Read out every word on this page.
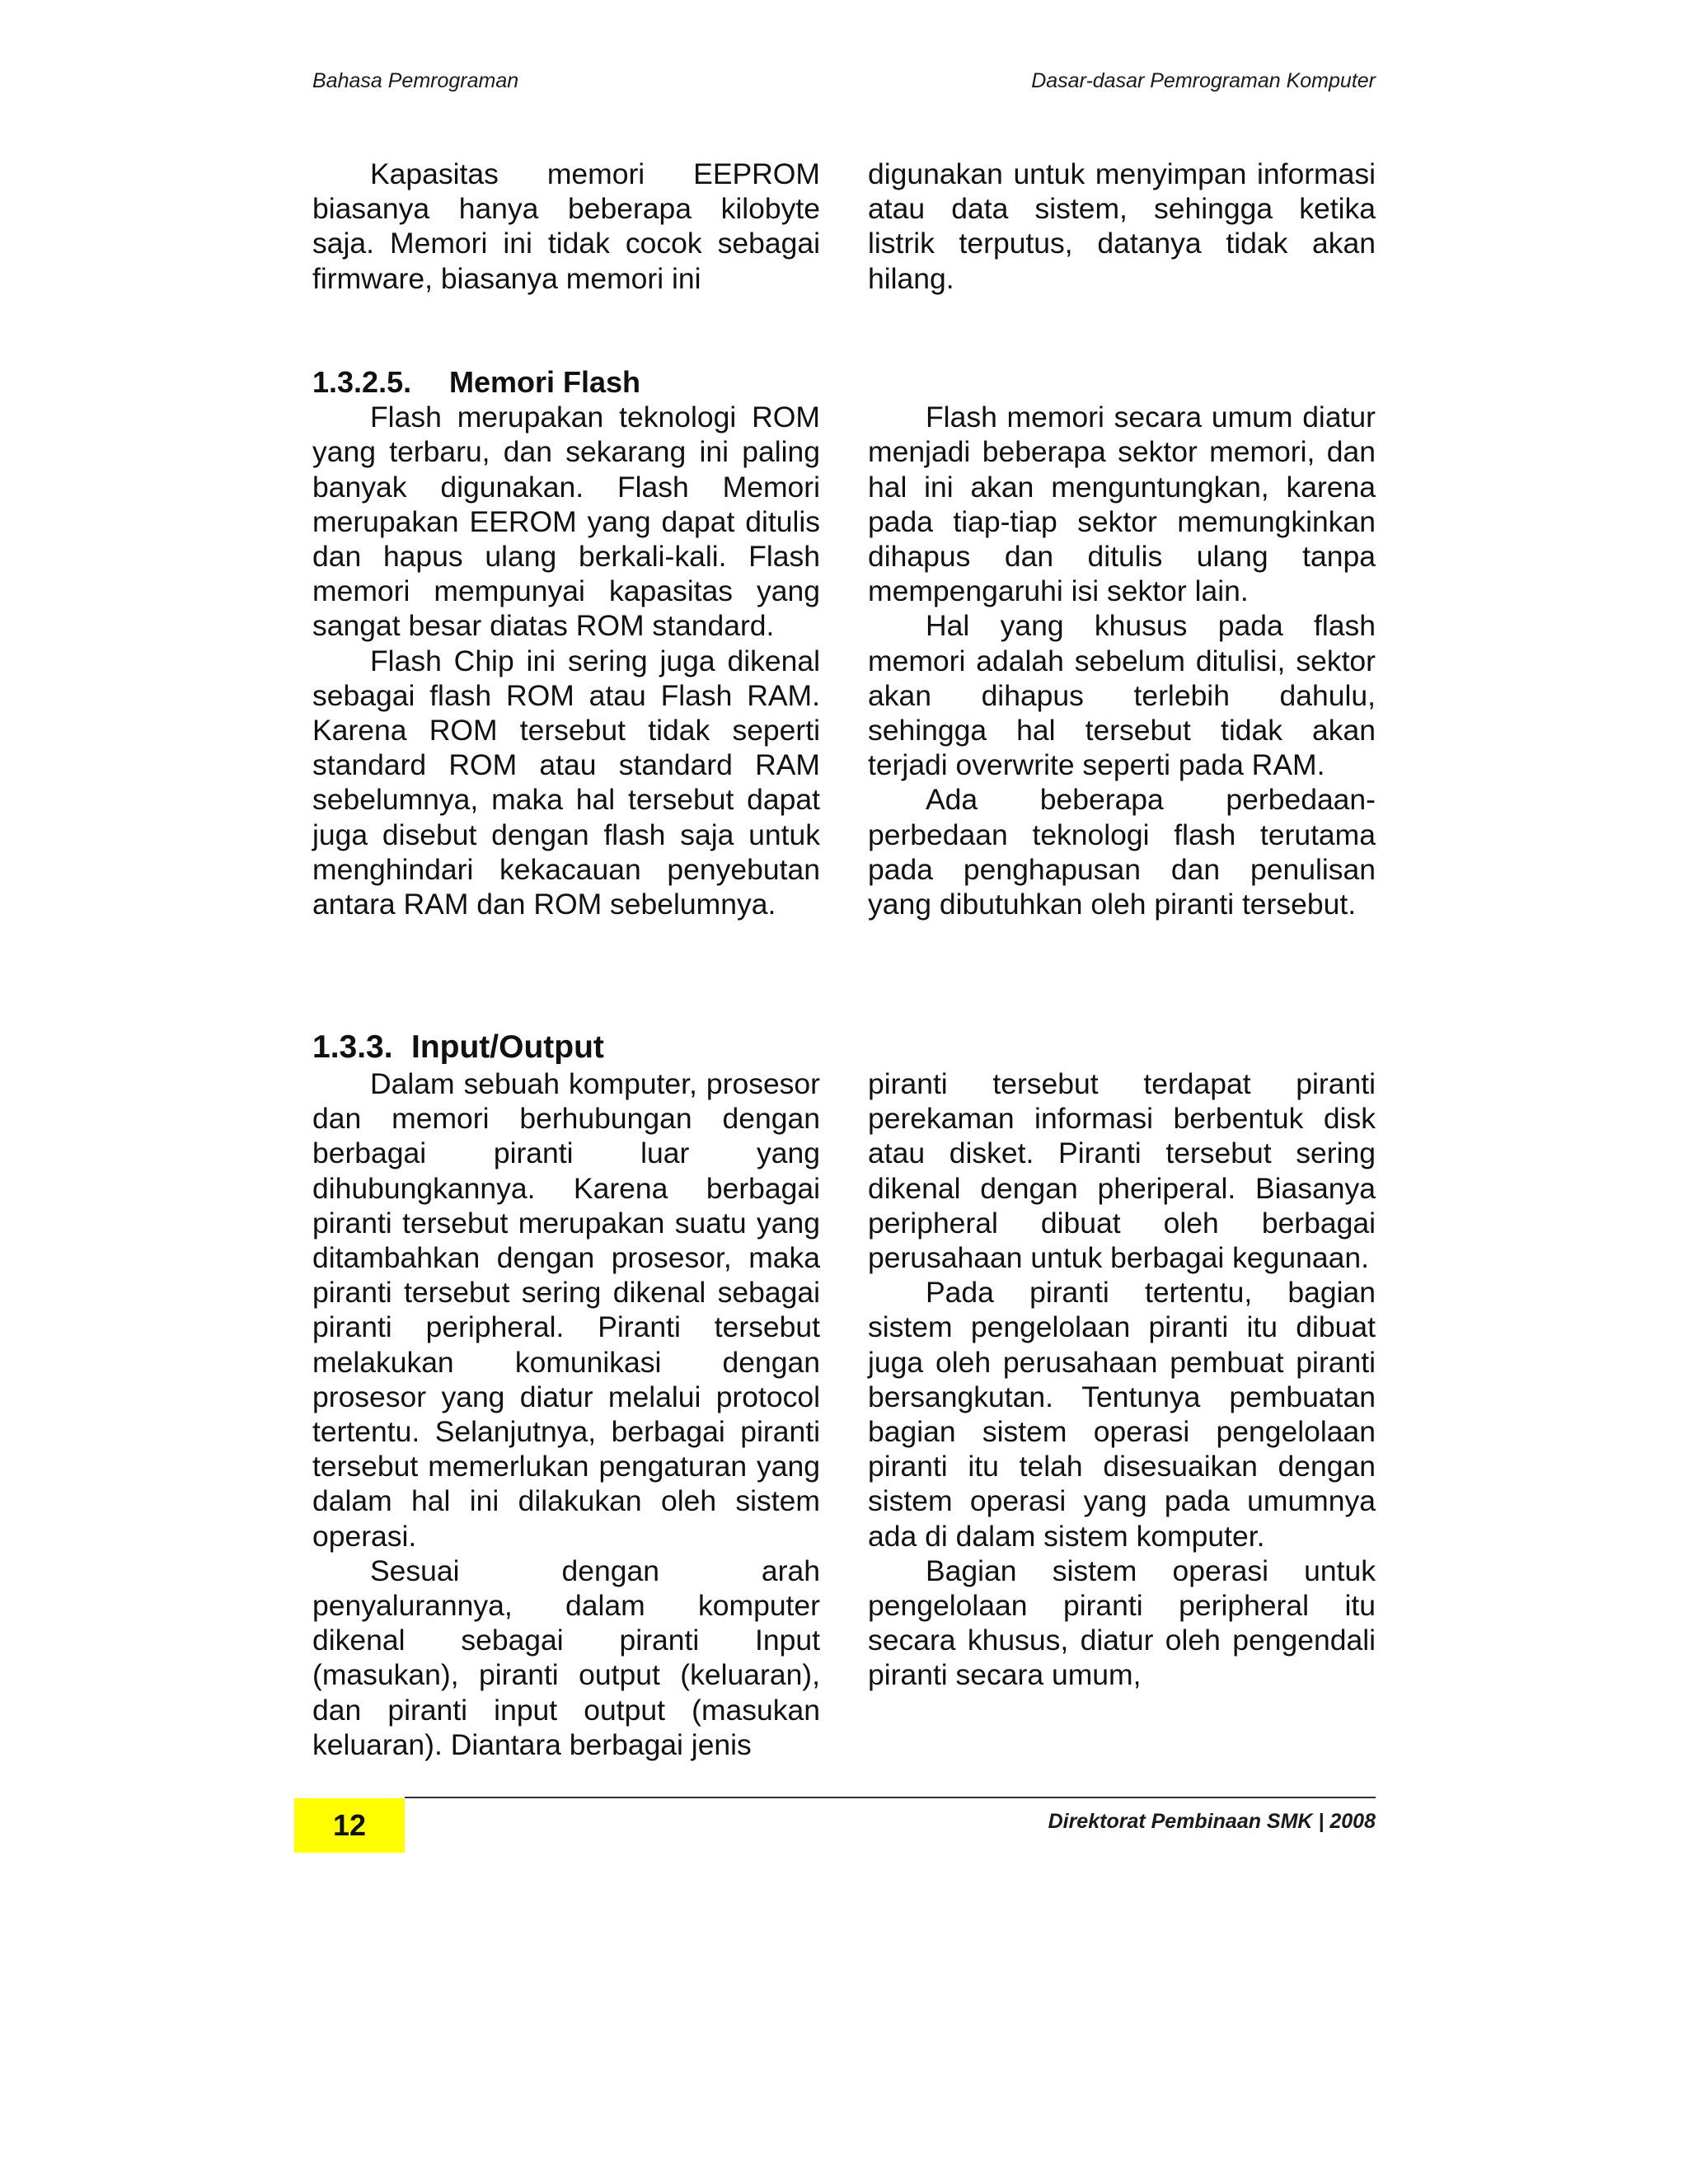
Bahasa Pemrograman	Dasar-dasar Pemrograman Komputer

Kapasitas memori EEPROM biasanya hanya beberapa kilobyte saja. Memori ini tidak cocok sebagai firmware, biasanya memori ini

digunakan untuk menyimpan informasi atau data sistem, sehingga ketika listrik terputus, datanya tidak akan hilang.

1.3.2.5. Memori Flash

Flash merupakan teknologi ROM yang terbaru, dan sekarang ini paling banyak digunakan. Flash Memori merupakan EEROM yang dapat ditulis dan hapus ulang berkali-kali. Flash memori mempunyai kapasitas yang sangat besar diatas ROM standard.

Flash Chip ini sering juga dikenal sebagai flash ROM atau Flash RAM. Karena ROM tersebut tidak seperti standard ROM atau standard RAM sebelumnya, maka hal tersebut dapat juga disebut dengan flash saja untuk menghindari kekacauan penyebutan antara RAM dan ROM sebelumnya.

Flash memori secara umum diatur menjadi beberapa sektor memori, dan hal ini akan menguntungkan, karena pada tiap-tiap sektor memungkinkan dihapus dan ditulis ulang tanpa mempengaruhi isi sektor lain.

Hal yang khusus pada flash memori adalah sebelum ditulisi, sektor akan dihapus terlebih dahulu, sehingga hal tersebut tidak akan terjadi overwrite seperti pada RAM.

Ada beberapa perbedaan-perbedaan teknologi flash terutama pada penghapusan dan penulisan yang dibutuhkan oleh piranti tersebut.

1.3.3. Input/Output

Dalam sebuah komputer, prosesor dan memori berhubungan dengan berbagai piranti luar yang dihubungkannya. Karena berbagai piranti tersebut merupakan suatu yang ditambahkan dengan prosesor, maka piranti tersebut sering dikenal sebagai piranti peripheral. Piranti tersebut melakukan komunikasi dengan prosesor yang diatur melalui protocol tertentu. Selanjutnya, berbagai piranti tersebut memerlukan pengaturan yang dalam hal ini dilakukan oleh sistem operasi.

Sesuai dengan arah penyalurannya, dalam komputer dikenal sebagai piranti Input (masukan), piranti output (keluaran), dan piranti input output (masukan keluaran). Diantara berbagai jenis

piranti tersebut terdapat piranti perekaman informasi berbentuk disk atau disket. Piranti tersebut sering dikenal dengan pheriperal. Biasanya peripheral dibuat oleh berbagai perusahaan untuk berbagai kegunaan.

Pada piranti tertentu, bagian sistem pengelolaan piranti itu dibuat juga oleh perusahaan pembuat piranti bersangkutan. Tentunya pembuatan bagian sistem operasi pengelolaan piranti itu telah disesuaikan dengan sistem operasi yang pada umumnya ada di dalam sistem komputer.

Bagian sistem operasi untuk pengelolaan piranti peripheral itu secara khusus, diatur oleh pengendali piranti secara umum,

12	Direktorat Pembinaan SMK | 2008
